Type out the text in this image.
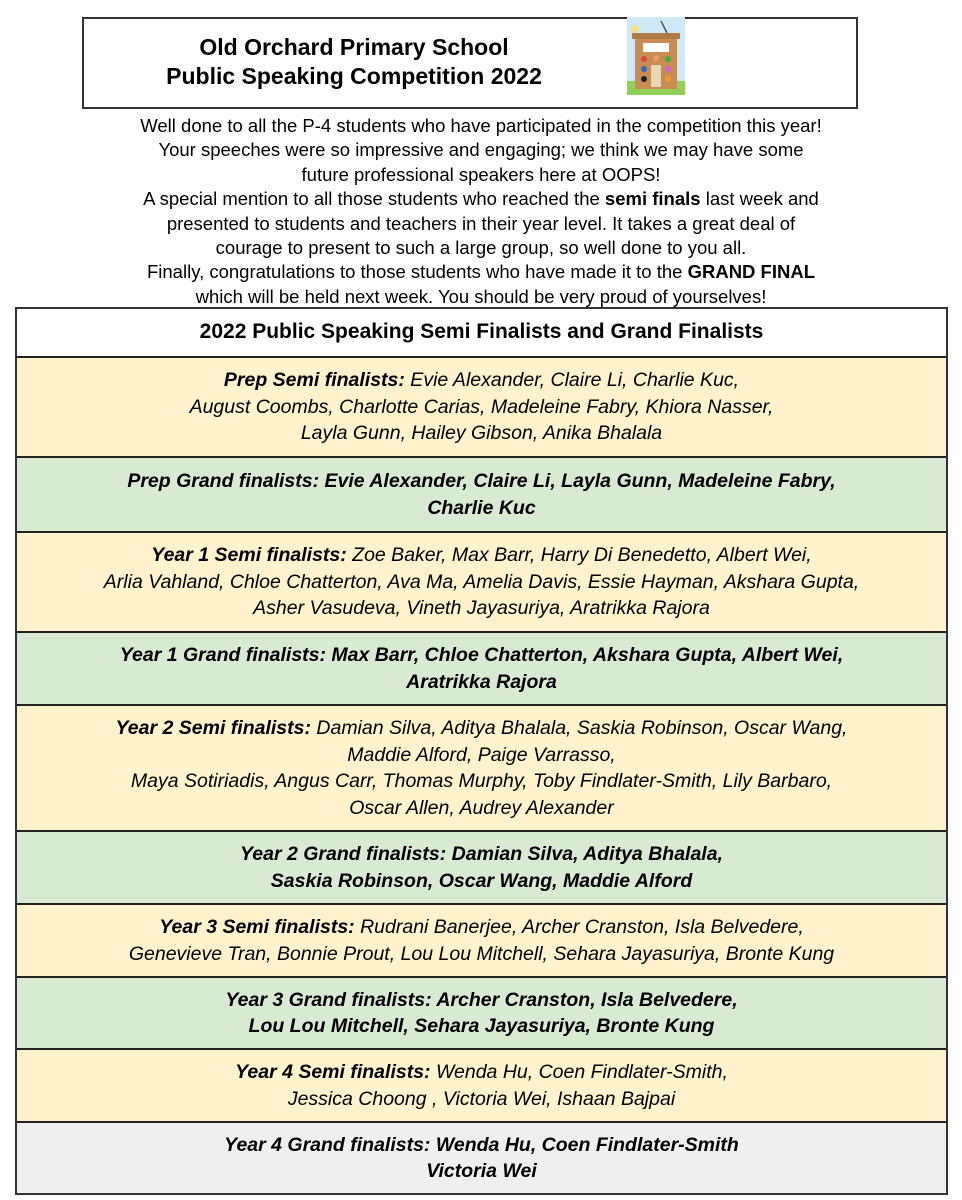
Old Orchard Primary School
Public Speaking Competition 2022

Well done to all the P-4 students who have participated in the competition this year!

Your speeches were so impressive and engaging; we think we may have some

future professional speakers here at OOPS!

A special mention to all those students who reached the semi finals last week and

presented to students and teachers in their year level. It takes a great deal of

courage to present to such a large group, so well done to you all.

Finally, congratulations to those students who have made it to the GRAND FINAL

which will be held next week. You should be very proud of yourselves!

2022 Public Speaking Semi Finalists and Grand Finalists
Prep Semi finalists: Evie Alexander, Claire Li, Charlie Kuc,
August Coombs, Charlotte Carias, Madeleine Fabry, Khiora Nasser,
Layla Gunn, Hailey Gibson, Anika Bhalala
Prep Grand finalists: Evie Alexander, Claire Li, Layla Gunn, Madeleine Fabry,
Charlie Kuc
Year 1 Semi finalists: Zoe Baker, Max Barr, Harry Di Benedetto, Albert Wei,
Arlia Vahland, Chloe Chatterton, Ava Ma, Amelia Davis, Essie Hayman, Akshara Gupta,
Asher Vasudeva, Vineth Jayasuriya, Aratrikka Rajora
Year 1 Grand finalists: Max Barr, Chloe Chatterton, Akshara Gupta, Albert Wei,
Aratrikka Rajora
Year 2 Semi finalists: Damian Silva, Aditya Bhalala, Saskia Robinson, Oscar Wang,
Maddie Alford, Paige Varrasso,
Maya Sotiriadis, Angus Carr, Thomas Murphy, Toby Findlater-Smith, Lily Barbaro,
Oscar Allen, Audrey Alexander
Year 2 Grand finalists: Damian Silva, Aditya Bhalala,
Saskia Robinson, Oscar Wang, Maddie Alford
Year 3 Semi finalists: Rudrani Banerjee, Archer Cranston, Isla Belvedere,
Genevieve Tran, Bonnie Prout, Lou Lou Mitchell, Sehara Jayasuriya, Bronte Kung
Year 3 Grand finalists: Archer Cranston, Isla Belvedere,
Lou Lou Mitchell, Sehara Jayasuriya, Bronte Kung
Year 4 Semi finalists: Wenda Hu, Coen Findlater-Smith,
Jessica Choong , Victoria Wei, Ishaan Bajpai
Year 4 Grand finalists: Wenda Hu, Coen Findlater-Smith
Victoria Wei
